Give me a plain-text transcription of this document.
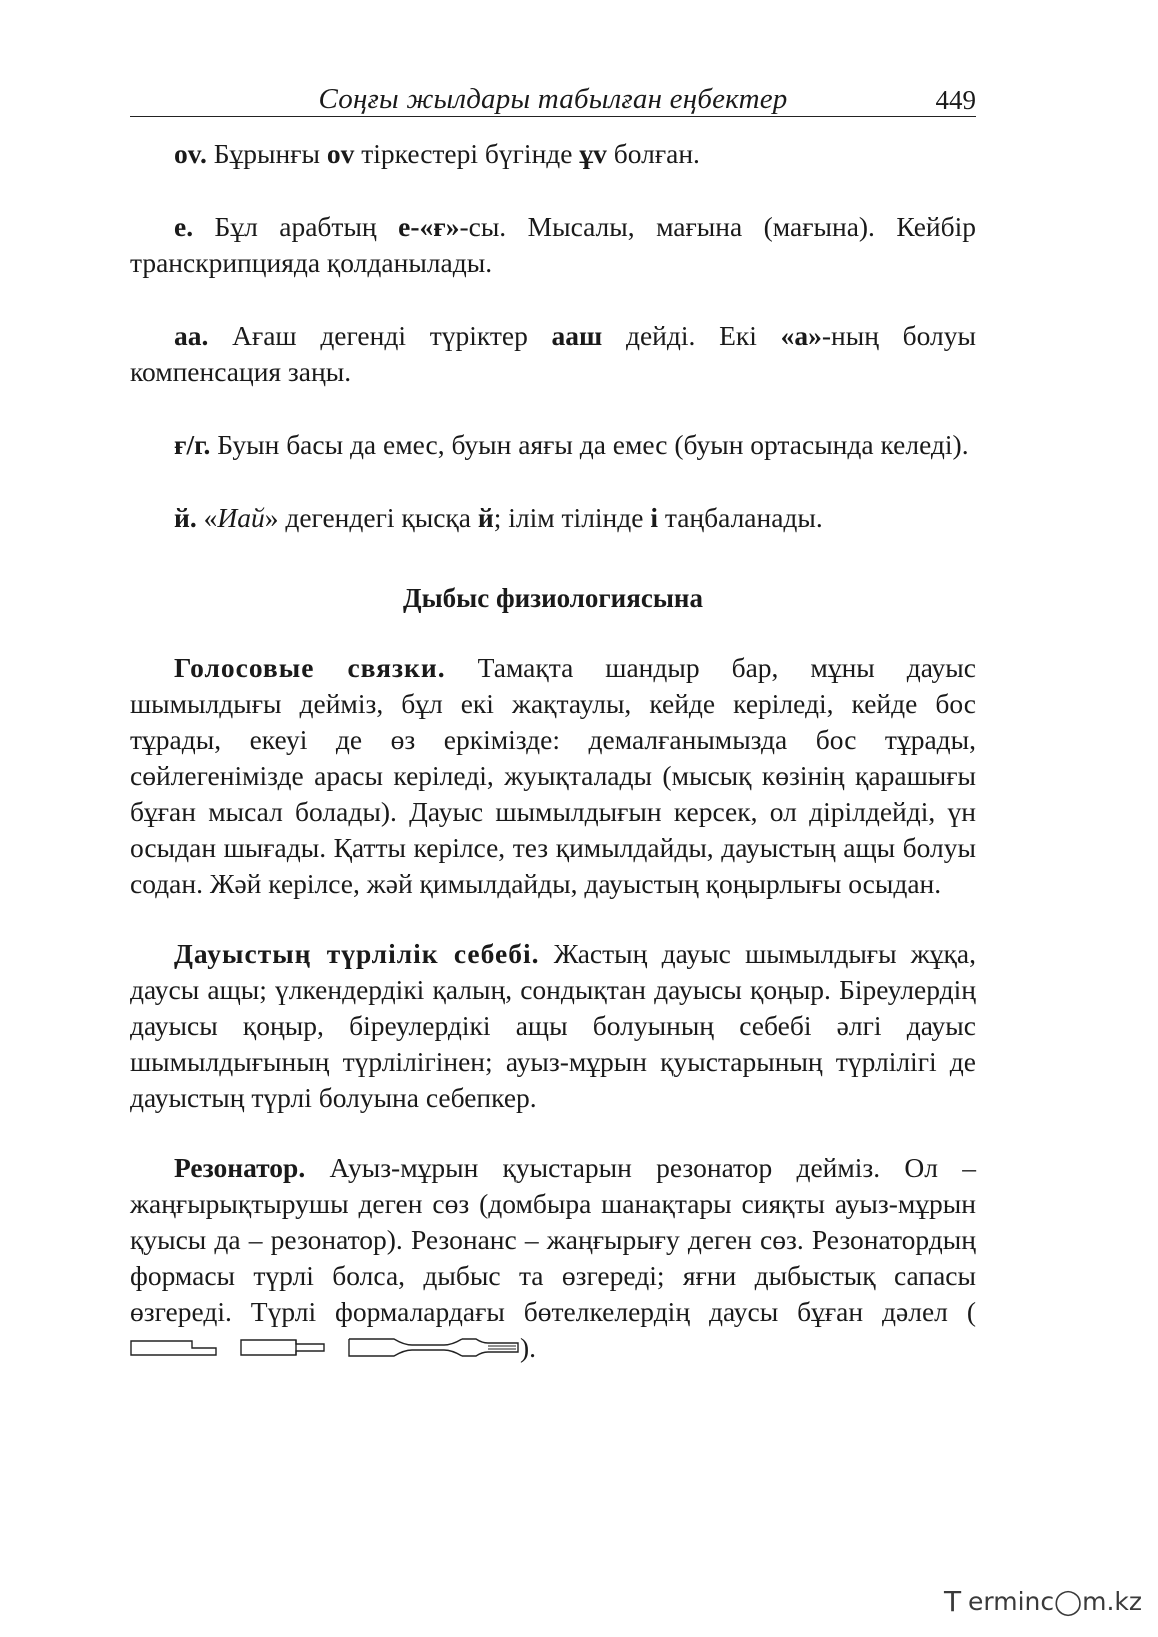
Соңғы жылдары табылған еңбектер	449

ov. Бұрынғы ov тіркестері бүгінде ұv болған.

е. Бұл арабтың е-«ғ»-сы. Мысалы, мағына (мағына). Кейбір транскрипцияда қолданылады.

аа. Ағаш дегенді түріктер ааш дейді. Екі «а»-ның болуы компенсация заңы.

ғ/г. Буын басы да емес, буын аяғы да емес (буын ортасында келеді).

й. «Иай» дегендегі қысқа й; ілім тілінде і таңбаланады.

Дыбыс физиологиясына

Голосовые связки. Тамақта шандыр бар, мұны дауыс шымылдығы дейміз, бұл екі жақтаулы, кейде керіледі, кейде бос тұрады, екеуі де өз еркімізде: демалғанымызда бос тұрады, сөйлегенімізде арасы керіледі, жуықталады (мысық көзінің қарашығы бұған мысал болады). Дауыс шымылдығын керсек, ол дірілдейді, үн осыдан шығады. Қатты керілсе, тез қимылдайды, дауыстың ащы болуы содан. Жәй керілсе, жәй қимылдайды, дауыстың қоңырлығы осыдан.

Дауыстың түрлілік себебі. Жастың дауыс шымылдығы жұқа, даусы ащы; үлкендердікі қалың, сондықтан дауысы қоңыр. Біреулердің дауысы қоңыр, біреулердікі ащы болуының себебі әлгі дауыс шымылдығының түрлілігінен; ауыз-мұрын қуыстарының түрлілігі де дауыстың түрлі болуына себепкер.

Резонатор. Ауыз-мұрын қуыстарын резонатор дейміз. Ол – жаңғырықтырушы деген сөз (домбыра шанақтары сияқты ауыз-мұрын қуысы да – резонатор). Резонанс – жаңғырығу деген сөз. Резонатордың формасы түрлі болса, дыбыс та өзгереді; яғни дыбыстық сапасы өзгереді. Түрлі формалардағы бөтелкелердің даусы бұған дәлел ().

T erminc◯m.kz
